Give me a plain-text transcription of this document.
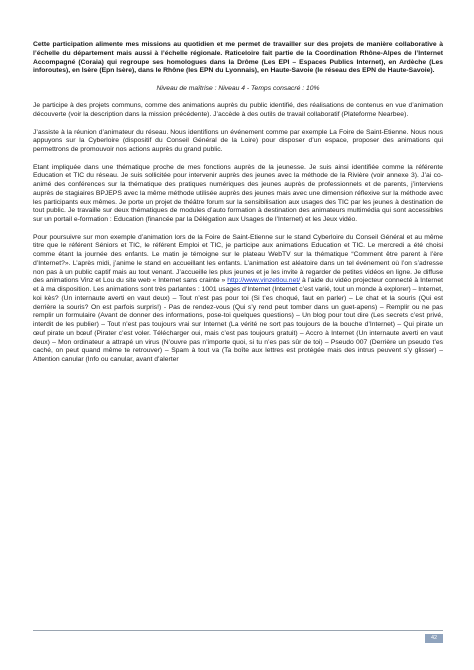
Cette participation alimente mes missions au quotidien et me permet de travailler sur des projets de manière collaborative à l’échelle du département mais aussi à l’échelle régionale. Raticeloire fait partie de la Coordination Rhône-Alpes de l’Internet Accompagné (Coraia) qui regroupe ses homologues dans la Drôme (Les EPI – Espaces Publics Internet), en Ardèche (Les inforoutes), en Isère (Epn Isère), dans le Rhône (les EPN du Lyonnais), en Haute-Savoie (le réseau des EPN de Haute-Savoie).

Niveau de maîtrise : Niveau 4 - Temps consacré : 10%

Je participe à des projets communs, comme des animations auprès du public identifié, des réalisations de contenus en vue d’animation découverte (voir la description dans la mission précédente). J’accède à des outils de travail collaboratif (Plateforme Nearbee).

J’assiste à la réunion d’animateur du réseau. Nous identifions un événement comme par exemple La Foire de Saint-Etienne. Nous nous appuyons sur la Cyberloire (dispositif du Conseil Général de la Loire) pour disposer d’un espace, proposer des animations qui permettrons de promouvoir nos actions auprès du grand public.

Etant impliquée dans une thématique proche de mes fonctions auprès de la jeunesse. Je suis ainsi identifiée comme la référente Education et TIC du réseau. Je suis sollicitée pour intervenir auprès des jeunes avec la méthode de la Rivière (voir annexe 3). J’ai co-animé des conférences sur la thématique des pratiques numériques des jeunes auprès de professionnels et de parents, j’interviens auprès de stagiaires BPJEPS avec la même méthode utilisée auprès des jeunes mais avec une dimension réflexive sur la méthode avec les participants eux mêmes. Je porte un projet de théâtre forum sur la sensibilisation aux usages des TIC par les jeunes à destination de tout public. Je travaille sur deux thématiques de modules d’auto formation à destination des animateurs multimédia qui sont accessibles sur un portail e-formation : Education (financée par la Délégation aux Usages de l’Internet) et les Jeux vidéo.

Pour poursuivre sur mon exemple d’animation lors de la Foire de Saint-Etienne sur le stand Cyberloire du Conseil Général et au même titre que le référent Séniors et TIC, le référent Emploi et TIC, je participe aux animations Education et TIC. Le mercredi a été choisi comme étant la journée des enfants. Le matin je témoigne sur le plateau WebTV sur la thématique “Comment être parent à l’ère d’Internet?». L’après midi, j’anime le stand en accueillant les enfants. L’animation est aléatoire dans un tel événement où l’on s’adresse non pas à un public captif mais au tout venant. J’accueille les plus jeunes et je les invite à regarder de petites vidéos en ligne. Je diffuse des animations Vinz et Lou du site web « Internet sans crainte » http://www.vinzetlou.net/ à l’aide du vidéo projecteur connecté à Internet et à ma disposition. Les animations sont très parlantes : 1001 usages d’Internet (Internet c’est varié, tout un monde à explorer) – Internet, koi kès? (Un internaute averti en vaut deux) – Tout n’est pas pour toi (Si t’es choqué, faut en parler) – Le chat et la souris (Qui est derrière la souris? On est parfois surpris!) - Pas de rendez-vous (Qui s’y rend peut tomber dans un guet-apens) – Remplir ou ne pas remplir un formulaire (Avant de donner des informations, pose-toi quelques questions) – Un blog pour tout dire (Les secrets c’est privé, interdit de les publier) – Tout n’est pas toujours vrai sur Internet (La vérité ne sort pas toujours de la bouche d’Internet) – Qui pirate un œuf pirate un bœuf (Pirater c’est voler. Télécharger oui, mais c’est pas toujours gratuit) – Accro à Internet (Un internaute averti en vaut deux) – Mon ordinateur a attrapé un virus (N’ouvre pas n’importe quoi, si tu n’es pas sûr de toi) – Pseudo 007 (Derrière un pseudo t’es caché, on peut quand même te retrouver) – Spam à tout va (Ta boîte aux lettres est protégée mais des intrus peuvent s’y glisser) – Attention canular (Info ou canular, avant d’alerter

42
